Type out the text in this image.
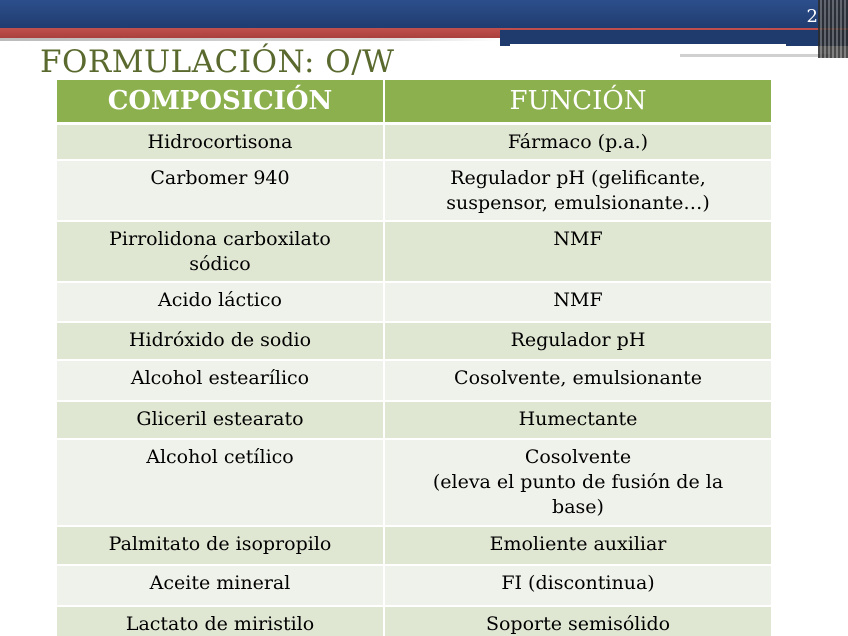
2
FORMULACIÓN: O/W
COMPOSICIÓN	FUNCIÓN
Hidrocortisona	Fármaco (p.a.)
Carbomer 940	Regulador pH (gelificante,
suspensor, emulsionante…)
Pirrolidona carboxilato
sódico	NMF
Acido láctico	NMF
Hidróxido de sodio	Regulador pH
Alcohol estearílico	Cosolvente, emulsionante
Gliceril estearato	Humectante
Alcohol cetílico	Cosolvente
(eleva el punto de fusión de la
base)
Palmitato de isopropilo	Emoliente auxiliar
Aceite mineral	FI (discontinua)
Lactato de miristilo	Soporte semisólido
